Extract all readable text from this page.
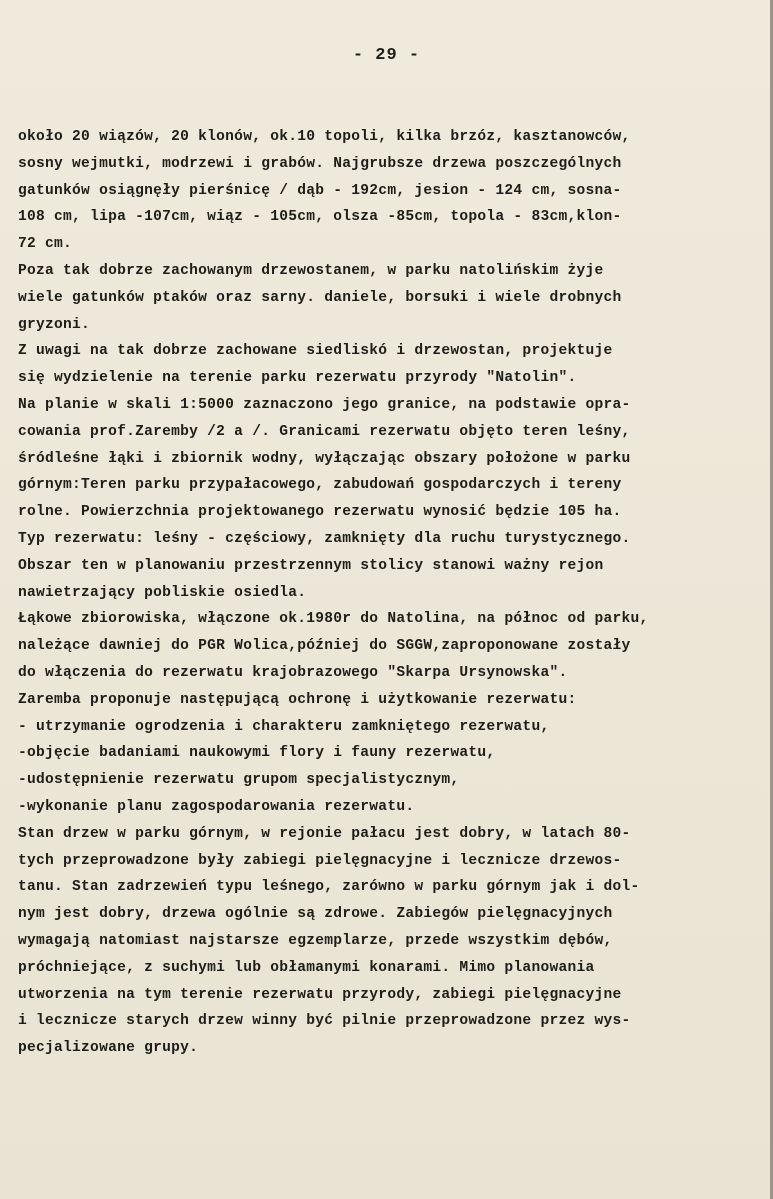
- 29 -
około 20 wiązów, 20 klonów, ok.10 topoli, kilka brzóz, kasztanowców,
sosny wejmutki, modrzewi i grabów. Najgrubsze drzewa poszczególnych
gatunków osiągnęły pierśnicę / dąb - 192cm, jesion - 124 cm, sosna-
108 cm, lipa -107cm, wiąz - 105cm, olsza -85cm, topola - 83cm,klon-
72 cm.
Poza tak dobrze zachowanym drzewostanem, w parku natolińskim żyje
wiele gatunków ptaków oraz sarny. daniele, borsuki i wiele drobnych
gryzoni.
Z uwagi na tak dobrze zachowane siedliskó i drzewostan, projektuje
się wydzielenie na terenie parku rezerwatu przyrody "Natolin".
Na planie w skali 1:5000 zaznaczono jego granice, na podstawie opra-
cowania prof.Zaremby /2 a /. Granicami rezerwatu objęto teren leśny,
śródleśne łąki i zbiornik wodny, wyłączając obszary położone w parku
górnym:Teren parku przypałacowego, zabudowań gospodarczych i tereny
rolne. Powierzchnia projektowanego rezerwatu wynosić będzie 105 ha.
Typ rezerwatu: leśny - częściowy, zamknięty dla ruchu turystycznego.
Obszar ten w planowaniu przestrzennym stolicy stanowi ważny rejon
nawietrzający pobliskie osiedla.
Łąkowe zbiorowiska, włączone ok.1980r do Natolina, na północ od parku,
należące dawniej do PGR Wolica,później do SGGW,zaproponowane zostały
do włączenia do rezerwatu krajobrazowego "Skarpa Ursynowska".
Zaremba proponuje następującą ochronę i użytkowanie rezerwatu:
- utrzymanie ogrodzenia i charakteru zamkniętego rezerwatu,
-objęcie badaniami naukowymi flory i fauny rezerwatu,
-udostępnienie rezerwatu grupom specjalistycznym,
-wykonanie planu zagospodarowania rezerwatu.
Stan drzew w parku górnym, w rejonie pałacu jest dobry, w latach 80-
tych przeprowadzone były zabiegi pielęgnacyjne i lecznicze drzewos-
tanu. Stan zadrzewień typu leśnego, zarówno w parku górnym jak i dol-
nym jest dobry, drzewa ogólnie są zdrowe. Zabiegów pielęgnacyjnych
wymagają natomiast najstarsze egzemplarze, przede wszystkim dębów,
próchniejące, z suchymi lub obłamanymi konarami. Mimo planowania
utworzenia na tym terenie rezerwatu przyrody, zabiegi pielęgnacyjne
i lecznicze starych drzew winny być pilnie przeprowadzone przez wys-
pecjalizowane grupy.
